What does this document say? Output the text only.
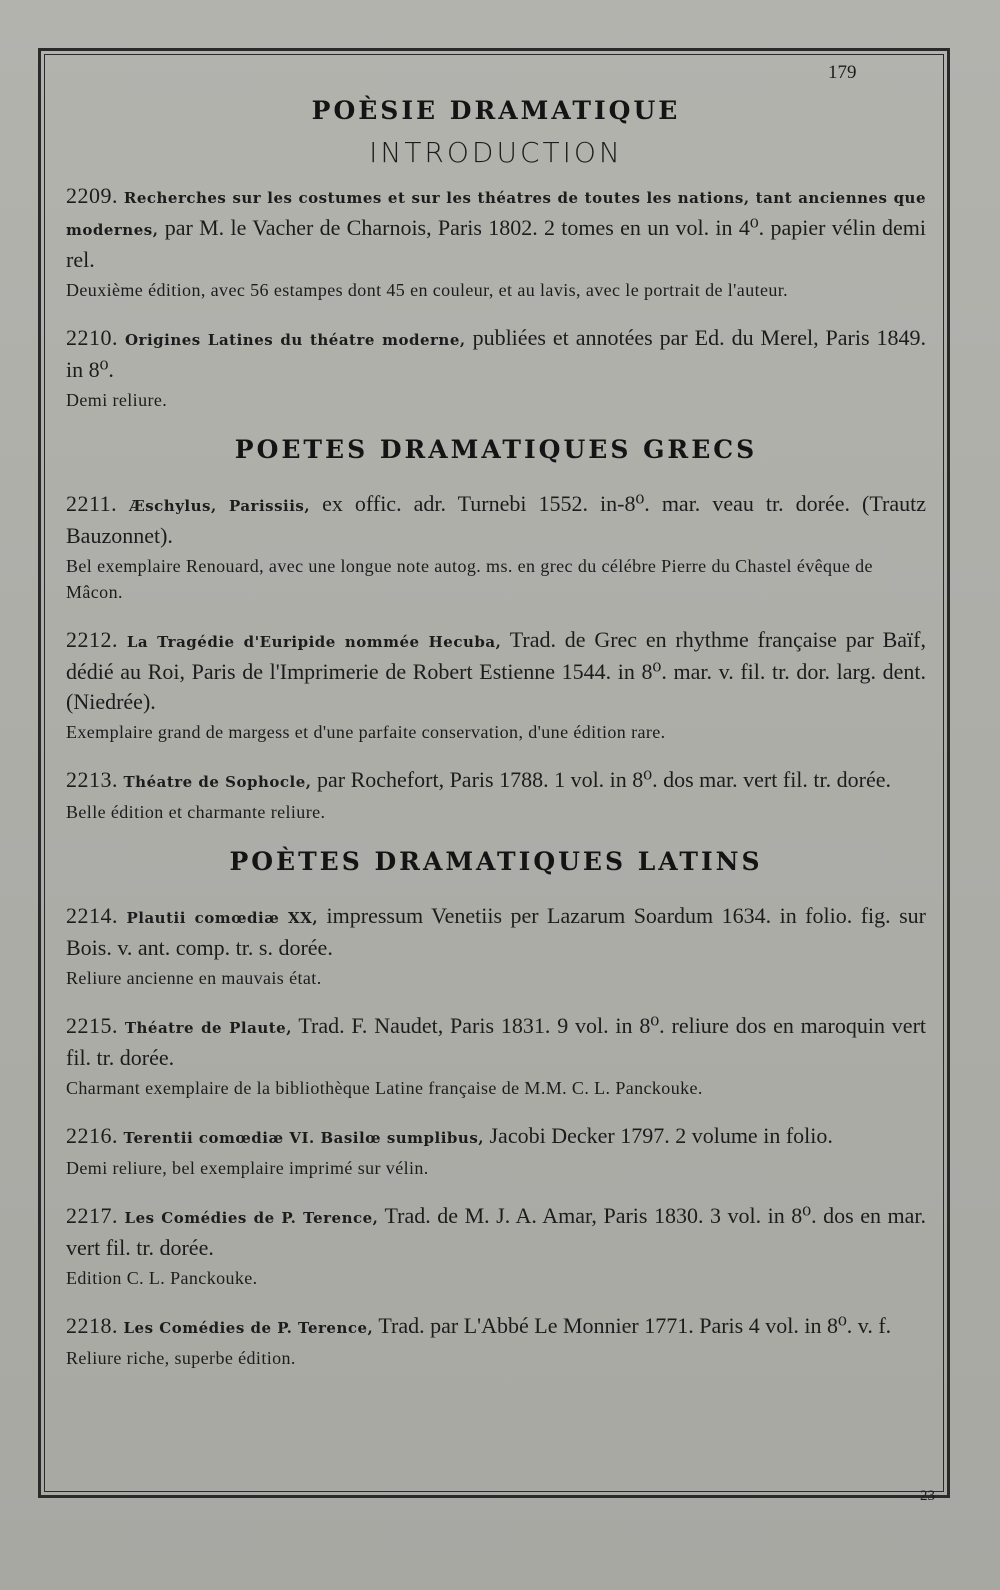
179
POÈSIE DRAMATIQUE
INTRODUCTION

2209. Recherches sur les costumes et sur les théatres de toutes les nations, tant anciennes que modernes, par M. le Vacher de Charnois, Paris 1802. 2 tomes en un vol. in 4⁰. papier vélin demi rel.

Deuxième édition, avec 56 estampes dont 45 en couleur, et au lavis, avec le portrait de l'auteur.

2210. Origines Latines du théatre moderne, publiées et annotées par Ed. du Merel, Paris 1849. in 8⁰.

Demi reliure.

POETES DRAMATIQUES GRECS

2211. Æschylus, Parissiis, ex offic. adr. Turnebi 1552. in-8⁰. mar. veau tr. dorée. (Trautz Bauzonnet).

Bel exemplaire Renouard, avec une longue note autog. ms. en grec du célébre Pierre du Chastel évêque de Mâcon.

2212. La Tragédie d'Euripide nommée Hecuba, Trad. de Grec en rhythme française par Baïf, dédié au Roi, Paris de l'Imprimerie de Robert Estienne 1544. in 8⁰. mar. v. fil. tr. dor. larg. dent. (Niedrée).

Exemplaire grand de margess et d'une parfaite conservation, d'une édition rare.

2213. Théatre de Sophocle, par Rochefort, Paris 1788. 1 vol. in 8⁰. dos mar. vert fil. tr. dorée.

Belle édition et charmante reliure.

POÈTES DRAMATIQUES LATINS

2214. Plautii comœdiæ XX, impressum Venetiis per Lazarum Soardum 1634. in folio. fig. sur Bois. v. ant. comp. tr. s. dorée.

Reliure ancienne en mauvais état.

2215. Théatre de Plaute, Trad. F. Naudet, Paris 1831. 9 vol. in 8⁰. reliure dos en maroquin vert fil. tr. dorée.

Charmant exemplaire de la bibliothèque Latine française de M.M. C. L. Panckouke.

2216. Terentii comœdiæ VI. Basilœ sumplibus, Jacobi Decker 1797. 2 volume in folio.

Demi reliure, bel exemplaire imprimé sur vélin.

2217. Les Comédies de P. Terence, Trad. de M. J. A. Amar, Paris 1830. 3 vol. in 8⁰. dos en mar. vert fil. tr. dorée.

Edition C. L. Panckouke.

2218. Les Comédies de P. Terence, Trad. par L'Abbé Le Monnier 1771. Paris 4 vol. in 8⁰. v. f.

Reliure riche, superbe édition.

23
